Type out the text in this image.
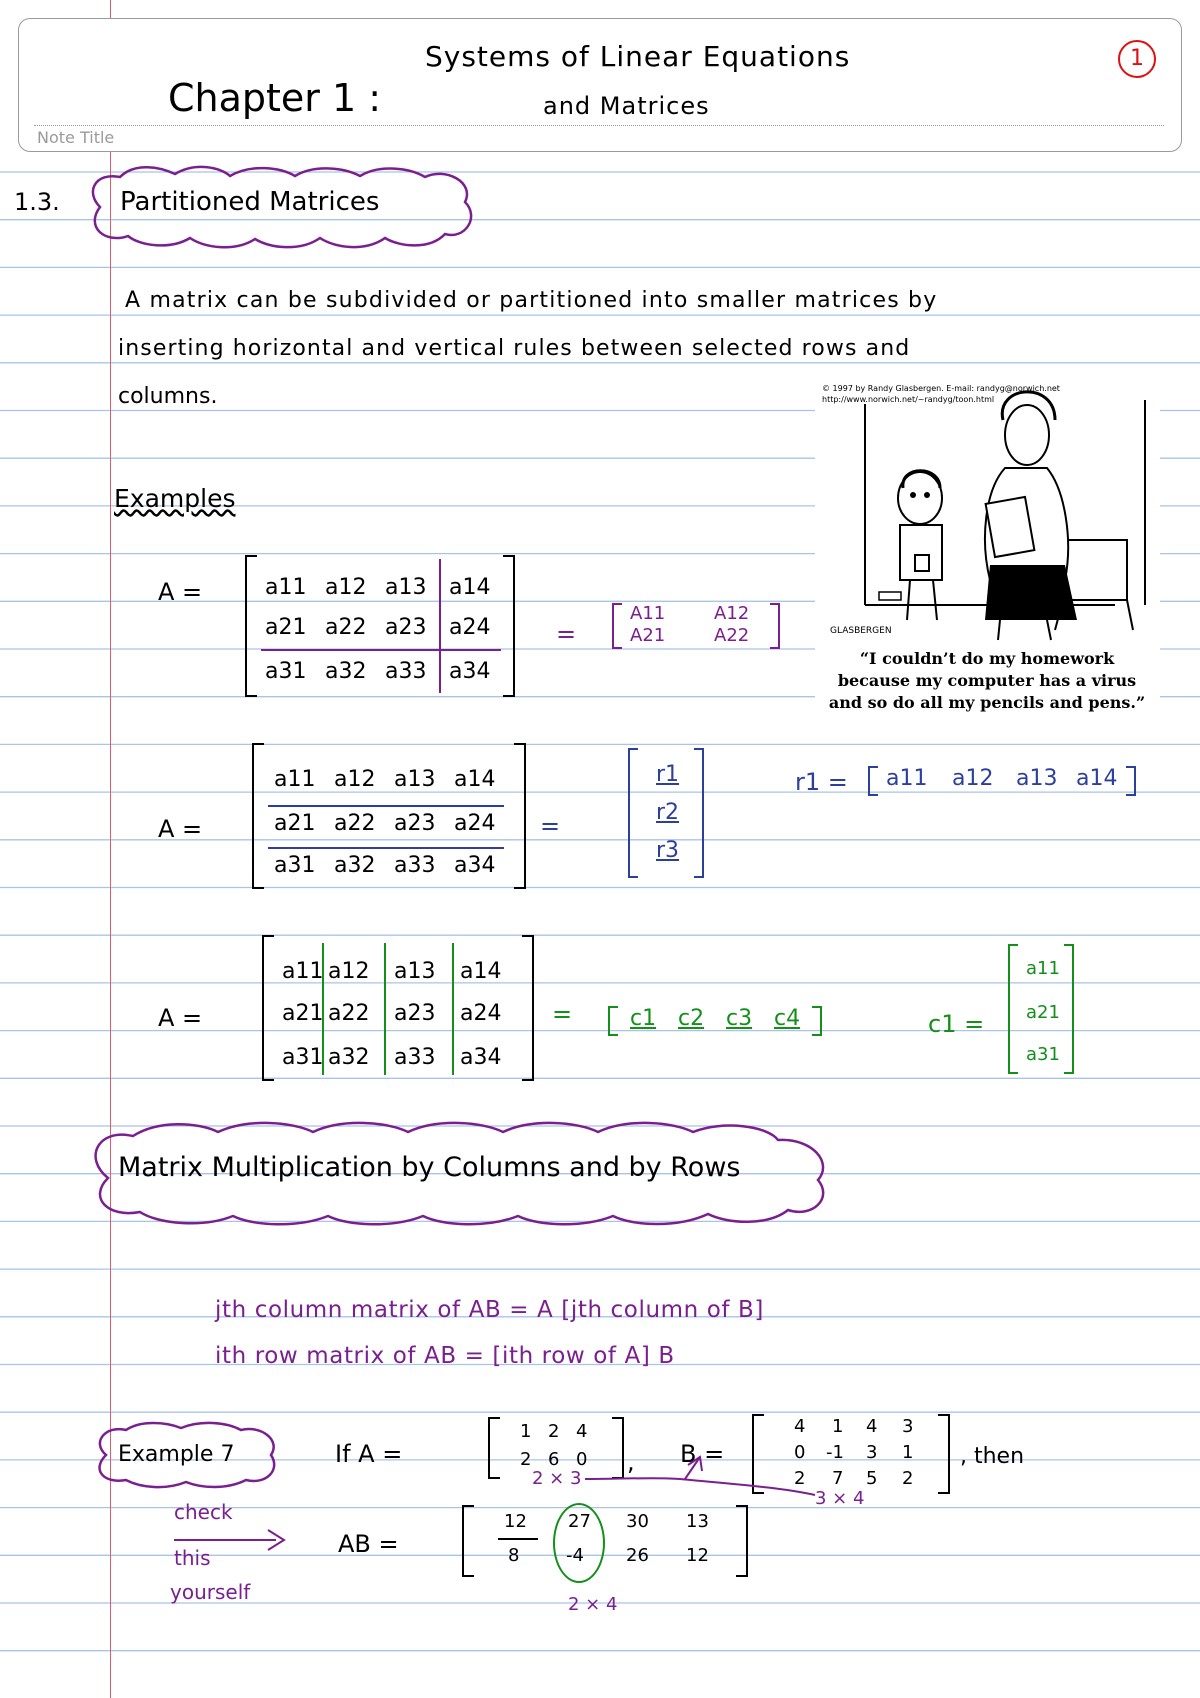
Note Title
Chapter 1 :
Systems of Linear Equations
and Matrices
1
1.3. Partitioned Matrices
A matrix can be subdivided or partitioned into smaller matrices by
inserting horizontal and vertical rules between selected rows and
columns.
Examples
A =	a11 a12 a13 a14
a21 a22 a23 a24
a31 a32 a33 a34
=
A11	A12
A21	A22
© 1997 by Randy Glasbergen. E-mail: randyg@norwich.net
http://www.norwich.net/~randyg/toon.html
GLASBERGEN
“I couldn’t do my homework because my computer has a virus and so do all my pencils and pens.”
A =
a11 a12 a13 a14
a21 a22 a23 a24
a31 a32 a33 a34
=
r1
r2
r3
r1 = a11 a12 a13 a14
A =
a11 a12 a13 a14
a21 a22 a23 a24
a31 a32 a33 a34
=	c1 c2 c3 c4	c1 =
a11
a21
a31
Matrix Multiplication by Columns and by Rows
jth column matrix of AB = A [jth column of B]
ith row matrix of AB = [ith row of A] B
Example 7	If A =
1 2 4
2 6 0 , B =
4 1 4 3
0 -1 3 1
2 7 5 2
, then
2 × 3
3 × 4
check
this
yourself
AB =
12 27 30 13
8	-4 26 12
2 × 4
